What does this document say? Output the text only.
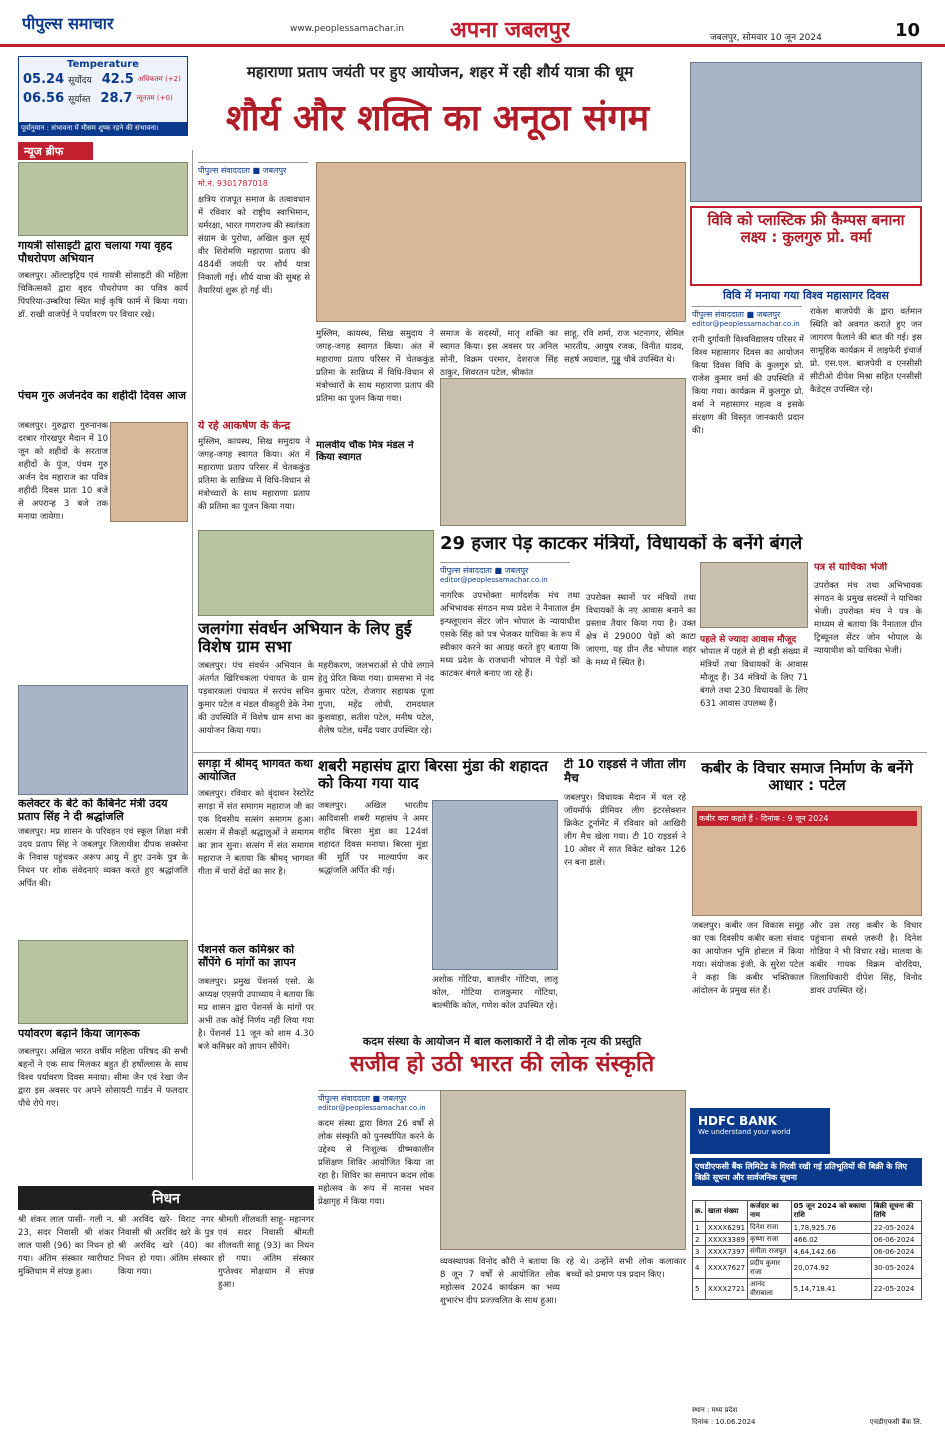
पीपुल्स समाचार	www.peoplessamachar.in अपना जबलपुर	जबलपुर, सोमवार 10 जून 2024	10
Temperature
05.24 सूर्योदय 42.5 अधिकतम (+2)
06.56 सूर्यास्त 28.7 न्यूनतम (+0)
पूर्वानुमान : संभावना में मौसम शुष्क रहने की संभावना।
न्यूज ब्रीफ
महाराणा प्रताप जयंती पर हुए आयोजन, शहर में रही शौर्य यात्रा की धूम
शौर्य और शक्ति का अनूठा संगम
गायत्री सोसाइटी द्वारा चलाया गया वृहद पौधरोपण अभियान
जबलपुर। ऑल्टाइट्रिय एवं गायत्री सोसाइटी की महिला चिकित्सकों द्वारा वृहद पौधरोपण का पवित्र कार्य पिपरिया-उम्बरिया स्थित मार्ई कृषि फार्म में किया गया। डॉ. राखी वाजपेई ने पर्यावरण पर विचार रखे।
पंचम गुरु अर्जनदेव का शहीदी दिवस आज
जबलपुर। गुरुद्वारा गुरुनानक दरबार गोरखपुर मैदान में 10 जून को शहीदों के सरताज शहीदों के पुंज, पंचम गुरु अर्जन देव महाराज का पवित्र शहीदी दिवस प्रातः 10 बजे से अपरान्ह 3 बजे तक मनाया जायेगा।
कलेक्टर के बेटे को कैबिनेट मंत्री उदय प्रताप सिंह ने दी श्रद्धांजलि
जबलपुर। मप्र शासन के परिवहन एवं स्कूल शिक्षा मंत्री उदय प्रताप सिंह ने जबलपुर जिलाधीश दीपक सक्सेना के निवास पहुंचकर अरूप आयु में हुए उनके पुत्र के निधन पर शोक संवेदनाएं व्यक्त करते हुए श्रद्धांजलि अर्पित की।
पर्यावरण बढ़ाने किया जागरूक
जबलपुर। अखिल भारत वर्षीय महिला परिषद की सभी बहनों ने एक साथ मिलकर बहुत ही हर्षोल्लास के साथ विश्व पर्यावरण दिवस मनाया। सीमा जैन एवं रेखा जैन द्वारा इस अवसर पर अपने सोसायटी गार्डन में फलदार पौधे रोपे गए।
पीपुल्स संवाददाता ■ जबलपुर
मो.नं. 9301787018
क्षत्रिय राजपूत समाज के तत्वावधान में रविवार को राष्ट्रीय स्वाभिमान, धर्मरक्षा, भारत गणराज्य की स्वतंत्रता संग्राम के पुरोधा, अखिल कुल सूर्य वीर शिरोमणि महाराणा प्रताप की 484वीं जयंती पर शौर्य यात्रा निकाली गई। शौर्य यात्रा की सुबह से तैयारियां शुरू हो गई थीं।
ये रहे आकर्षण के केन्द्र
मुस्लिम, कायस्थ, सिख समुदाय ने जगह-जगह स्वागत किया। अंत में महाराणा प्रताप परिसर में चेतककुंड प्रतिमा के सान्निध्य में विधि-विधान से मंत्रोच्चारों के साथ महाराणा प्रताप की प्रतिमा का पूजन किया गया।
मुस्लिम, कायस्थ, सिख समुदाय ने जगह-जगह स्वागत किया। अंत में महाराणा प्रताप परिसर में चेतककुंड प्रतिमा के सान्निध्य में विधि-विधान से मंत्रोच्चारों के साथ महाराणा प्रताप की प्रतिमा का पूजन किया गया।
मालवीय चौक मित्र मंडल ने किया स्वागत
समाज के सदस्यों, मातृ शक्ति का स्वागत किया। इस अवसर पर अनिल सोनी, विक्रम परमार, देशराज सिंह ठाकुर, शिवरतन पटेल, श्रीकांत
साहू, रवि शर्मा, राज भटनागर, सेमिल भारतीय, आयुष रजक, विनीत यादव, सहर्ष अग्रवाल, गुड्डू चौबे उपस्थित थे।
विवि को प्लास्टिक फ्री कैम्पस बनाना लक्ष्य : कुलगुरु प्रो. वर्मा
विवि में मनाया गया विश्व महासागर दिवस
पीपुल्स संवाददाता ■ जबलपुर
editor@peoplessamachar.co.in
रानी दुर्गावती विश्वविद्यालय परिसर में विश्व महासागर दिवस का आयोजन किया दिवस विधि के कुलगुरु प्रो. राजेश कुमार वर्मा की उपस्थिति में किया गया। कार्यक्रम में कुलगुरु प्रो. वर्मा ने महासागर महत्व व इसके संरक्षण की विस्तृत जानकारी प्रदान की।
राकेश बाजपेयी के द्वारा वर्तमान स्थिति को अवगत कराते हुए जन जागरण फैलाने की बात की गई। इस सामूहिक कार्यक्रम में लाइफेरी इंचार्ज प्रो. एस.एल. बाजपेयी व एनसीसी सीटीओ दीपेश मिश्रा सहित एनसीसी कैडेट्स उपस्थित रहे।
29 हजार पेड़ काटकर मंत्रियों, विधायकों के बनेंगे बंगले
पीपुल्स संवाददाता ■ जबलपुर
editor@peoplessamachar.co.in
नागरिक उपभोक्ता मार्गदर्शक मंच तथा अभिभावक संगठन मध्य प्रदेश ने नैनाताल ईम इन्फ्लूएशन सेंटर जोन भोपाल के न्यायाधीश एसके सिंह को पत्र भेजकर याचिका के रूप में स्वीकार करने का आग्रह करते हुए बताया कि मध्य प्रदेश के राजधानी भोपाल में पेड़ों को काटकर बंगले बनाए जा रहे हैं।
उपरोक्त स्थानों पर मंत्रियों तथा विधायकों के नए आवास बनाने का प्रस्ताव तैयार किया गया है। उक्त क्षेत्र में 29000 पेड़ों को काटा जाएगा, यह ग्रीन लैंड भोपाल शहर के मध्य में स्थित है।
पहले से ज्यादा आवास मौजूद
भोपाल में पहले से ही बड़ी संख्या में मंत्रियों तथा विधायकों के आवास मौजूद हैं। 34 मंत्रियों के लिए 71 बंगले तथा 230 विधायकों के लिए 631 आवास उपलब्ध हैं।
पत्र से याचिका भेजी
उपरोक्त मंच तथा अभिभावक संगठन के प्रमुख सदस्यों ने याचिका भेजी। उपरोक्त मंच ने पत्र के माध्यम से बताया कि नैनाताल ग्रीन ट्रिब्यूनल सेंटर जोन भोपाल के न्यायाधीश को याचिका भेजी।
जलगंगा संवर्धन अभियान के लिए हुई विशेष ग्राम सभा
जबलपुर। पंच संवर्धन अभियान के अंतर्गत खिरिचकला पंचायत के ग्राम पड़वारकलां पंचायत में सरपंच सचिन कुमार पटेल व मंडल वीकहुरी डेके नेमा की उपस्थिति में विशेष ग्राम सभा का आयोजन किया गया।
महरीकरण, जलभराओं से पौधे लगाने हेतु प्रेरित किया गया। ग्रामसभा में नंद कुमार पटेल, रोजगार सहायक पूजा गुप्ता, महेंद्र लोधी, रामदयाल कुशवाहा, सतीश पटेल, मनीष पटेल, शैलेष पटेल, धर्मेंद्र पवार उपस्थित रहे।
सगड़ा में श्रीमद् भागवत कथा आयोजित
जबलपुर। रविवार को वृंदावन रेस्टोरेंट सगड़ा में संत समागम महाराज जी का एक दिवसीय सत्संग समागम हुआ। सत्संग में सैकड़ों श्रद्धालुओं ने समागम का ज्ञान सुना। सत्संग में संत समागम महाराज ने बताया कि श्रीमद् भागवत गीता में चारों वेदों का सार है।
पेंशनर्स कल कमिश्नर को सौंपेंगे 6 मांगों का ज्ञापन
जबलपुर। प्रमुख पेंशनर्स एसो. के अध्यक्ष एएसपी उपाध्याय ने बताया कि मप्र शासन द्वारा पेंशनर्स के मांगों पर अभी तक कोई निर्णय नहीं लिया गया है। पेंशनर्स 11 जून को शाम 4.30 बजे कमिश्नर को ज्ञापन सौंपेंगे।
शबरी महासंघ द्वारा बिरसा मुंडा की शहादत को किया गया याद
जबलपुर। अखिल भारतीय आदिवासी शबरी महासंघ ने अमर शहीद बिरसा मुंडा का 124वां शहादत दिवस मनाया। बिरसा मुंडा की मूर्ति पर माल्यार्पण कर श्रद्धांजलि अर्पित की गई।
अशोक गोंटिया, बालवीर गोंटिया, लालू कोल, गोटिया राजकुमार गोंटिया, बाल्मीकि कोल, गणेश कोल उपस्थित रहे।
टी 10 राइडर्स ने जीता लीग मैच
जबलपुर। विधायक मैदान में चल रहे जॉयमॉर्फ प्रीमियर लीग इंटरसेक्शन क्रिकेट टूर्नामेंट में रविवार को आखिरी लीग मैच खेला गया। टी 10 राइडर्स ने 10 ओवर में सात विकेट खोकर 126 रन बना डाले।
कबीर के विचार समाज निर्माण के बनेंगे आधार : पटेल
कबीर क्या कहते हैं - दिनांक : 9 जून 2024
जबलपुर। कबीर जन विकास समूह का एक दिवसीय कबीर कला संवाद का आयोजन भूमि होस्टल में किया गया। संयोजक इंजी. के सुरेश पटेल ने कहा कि कबीर भक्तिकाल आंदोलन के प्रमुख संत हैं।
और उस तरह कबीर के विचार पहुंचाना सबसे ज़रूरी है। दिनेश गोडिया ने भी विचार रखे। मालवा के कबीर गायक विक्रम वोरदिया, जिलाधिकारी दीपेश सिंह, विनोद डावर उपस्थित रहे।
कदम संस्था के आयोजन में बाल कलाकारों ने दी लोक नृत्य की प्रस्तुति
सजीव हो उठी भारत की लोक संस्कृति
पीपुल्स संवाददाता ■ जबलपुर
editor@peoplessamachar.co.in
कदम संस्था द्वारा विगत 26 वर्षों से लोक संस्कृति को पुनर्स्थापित करने के उद्देश्य से निःशुल्क ग्रीष्मकालीन प्रशिक्षण शिविर आयोजित किया जा रहा है। शिविर का समापन कदम लोक महोत्सव के रूप में मानस भवन प्रेक्षागृह में किया गया।
व्यवस्थापक विनोद कौरी ने बताया कि 8 जून 7 वर्षों से आयोजित लोक महोत्सव 2024 कार्यक्रम का भव्य शुभारंभ दीप प्रज्ज्वलित के साथ हुआ।
रहे थे। उन्होंने सभी लोक कलाकार बच्चों को प्रमाण पत्र प्रदान किए।
निधन
श्री शंकर लाल पासी- गली न. 23, सदर निवासी श्री शंकर लाल पासी (96) का निधन हो गया। अंतिम संस्कार ग्वारीघाट मुक्तिधाम में संपन्न हुआ।
श्री अरविंद खरे- विराट नगर निवासी श्री अरविंद खरे के पुत्र श्री अरविंद खरे (40) का निधन हो गया। अंतिम संस्कार किया गया।
श्रीमती शीलवती साहू- महानगर एवं सदर निवासी श्रीमती शीलवती साहू (93) का निधन हो गया। अंतिम संस्कार गुप्तेश्वर मोक्षधाम में संपन्न हुआ।
HDFC BANK
We understand your world
एचडीएफसी बैंक लिमिटेड के गिरवी रखी गई प्रतिभूतियों की बिक्री के लिए बिक्री सूचना और सार्वजनिक सूचना
क्र.	खाता संख्या	कर्जदार का नाम	05 जून 2024 को बकाया राशि	बिक्री सूचना की तिथि
1	XXXX6291	दिनेश राजा	1,78,925.76	22-05-2024
2	XXXX3389	कृष्णा राजा	466.02	06-06-2024
3	XXXX7397	संगीता राजपूत	4,64,142.66	06-06-2024
4	XXXX7627	प्रदीप कुमार राजा	20,074.92	30-05-2024
5	XXXX2721	आनंद वीराबाला	5,14,718.41	22-05-2024
स्थान : मध्य प्रदेश
दिनांक : 10.06.2024	एचडीएफसी बैंक लि.
